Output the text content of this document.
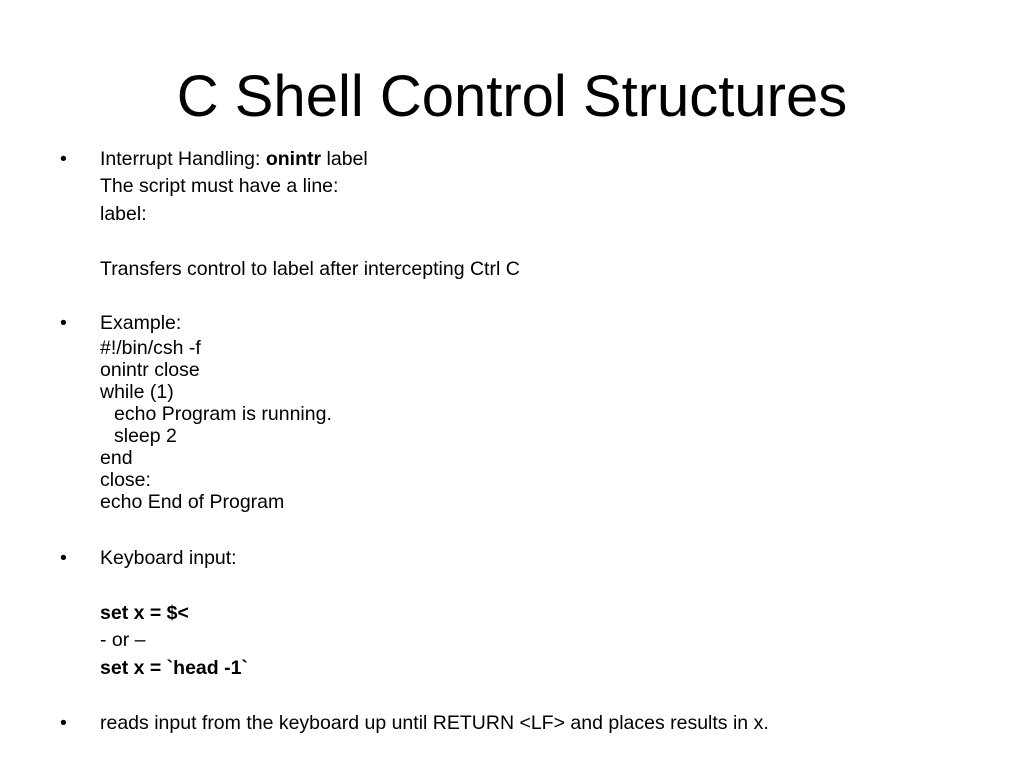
C Shell Control Structures
• Interrupt Handling: onintr label
The script must have a line:
label:
Transfers control to label after intercepting Ctrl C
• Example:
#!/bin/csh -f
onintr close
while (1)
echo Program is running.
sleep 2
end
close:
echo End of Program
• Keyboard input:
set x = $<
- or –
set x = `head -1`
• reads input from the keyboard up until RETURN <LF> and places results in x.
